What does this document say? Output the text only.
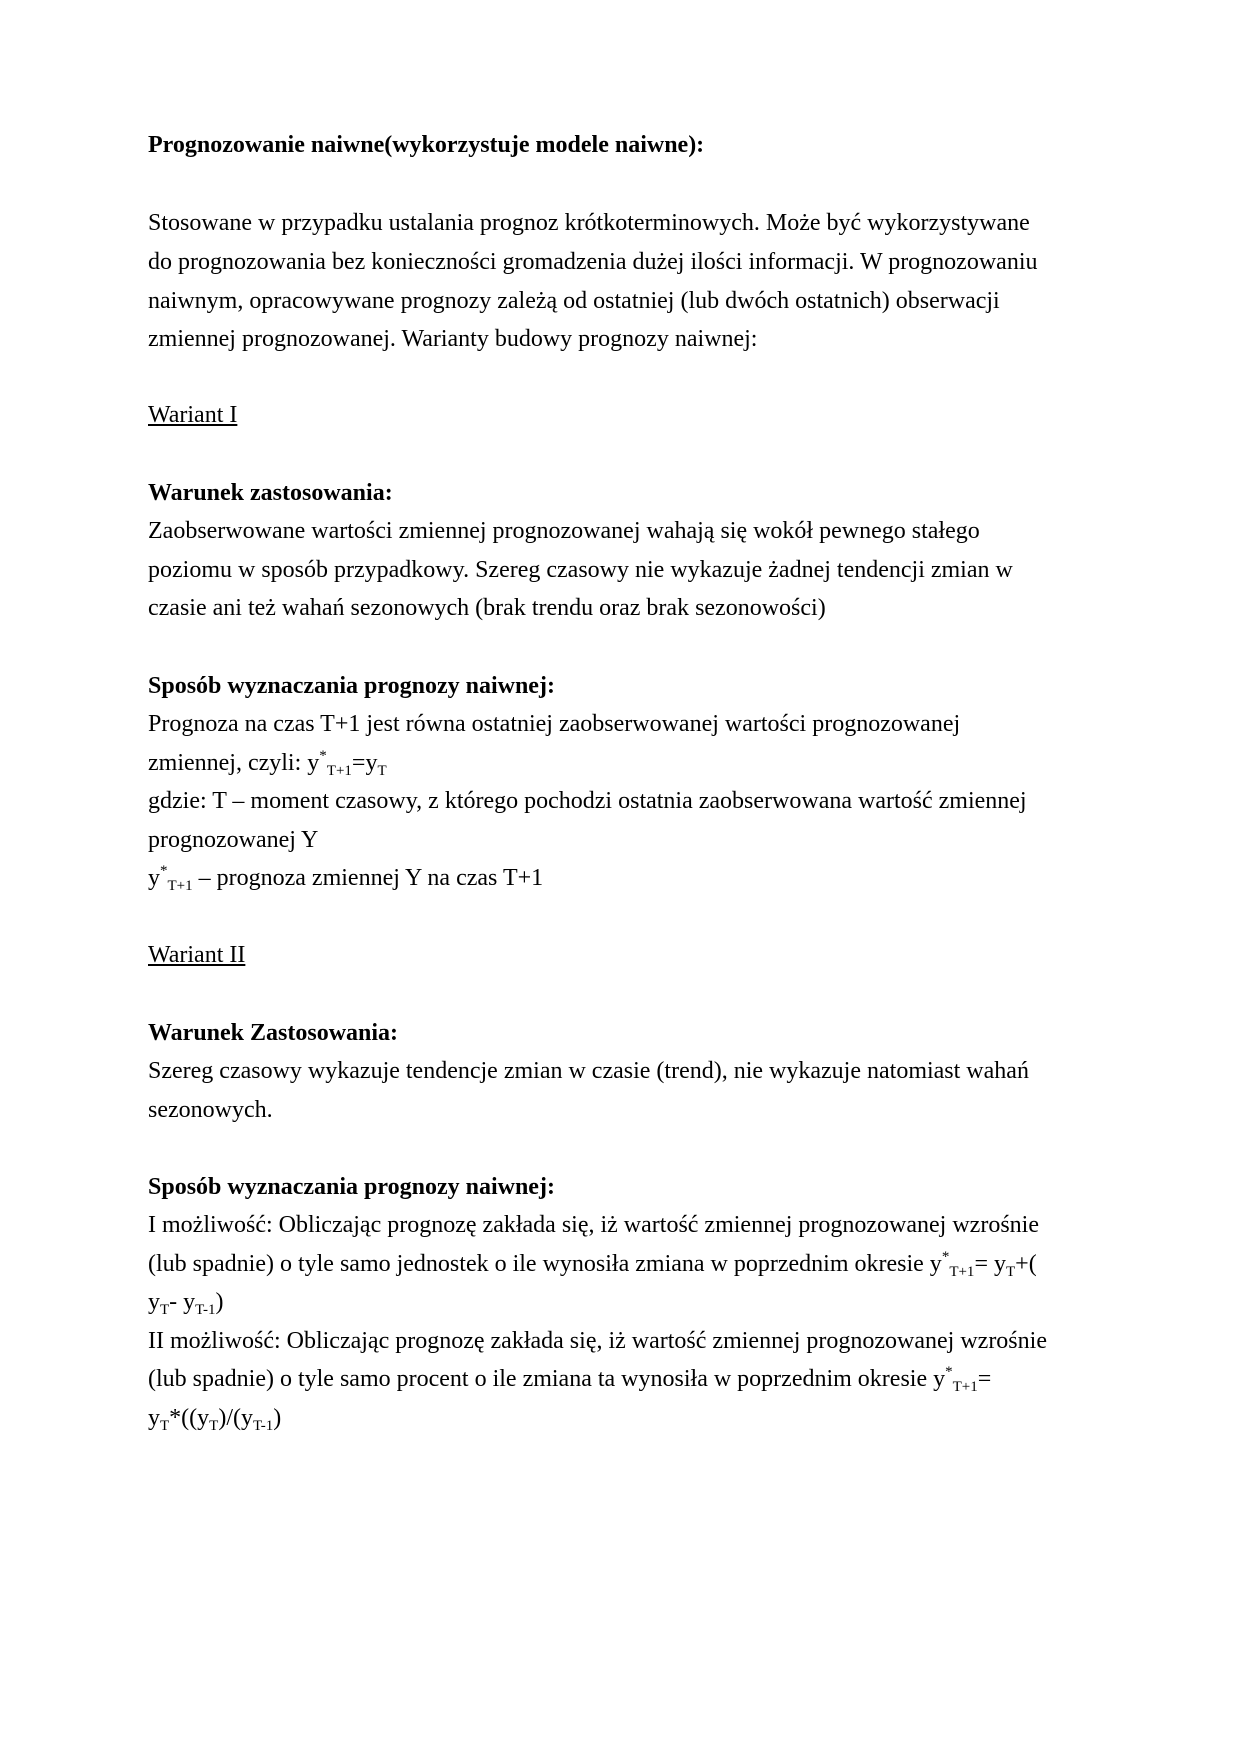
Prognozowanie naiwne(wykorzystuje modele naiwne):
Stosowane w przypadku ustalania prognoz krótkoterminowych. Może być wykorzystywane
do prognozowania bez konieczności gromadzenia dużej ilości informacji. W prognozowaniu
naiwnym, opracowywane prognozy zależą od ostatniej (lub dwóch ostatnich) obserwacji
zmiennej prognozowanej. Warianty budowy prognozy naiwnej:
Wariant I
Warunek zastosowania:
Zaobserwowane wartości zmiennej prognozowanej wahają się wokół pewnego stałego
poziomu w sposób przypadkowy. Szereg czasowy nie wykazuje żadnej tendencji zmian w
czasie ani też wahań sezonowych (brak trendu oraz brak sezonowości)
Sposób wyznaczania prognozy naiwnej:
Prognoza na czas T+1 jest równa ostatniej zaobserwowanej wartości prognozowanej
zmiennej, czyli: $y^*_{T+1}=y_T$
gdzie: T – moment czasowy, z którego pochodzi ostatnia zaobserwowana wartość zmiennej
prognozowanej Y
$y^*_{T+1}$ – prognoza zmiennej Y na czas T+1
Wariant II
Warunek Zastosowania:
Szereg czasowy wykazuje tendencje zmian w czasie (trend), nie wykazuje natomiast wahań
sezonowych.
Sposób wyznaczania prognozy naiwnej:
I możliwość: Obliczając prognozę zakłada się, iż wartość zmiennej prognozowanej wzrośnie
(lub spadnie) o tyle samo jednostek o ile wynosiła zmiana w poprzednim okresie $y^*_{T+1}= y_T+$(
$y_T-$ $y_{T-1}$)
II możliwość: Obliczając prognozę zakłada się, iż wartość zmiennej prognozowanej wzrośnie
(lub spadnie) o tyle samo procent o ile zmiana ta wynosiła w poprzednim okresie $y^*_{T+1}=$
$y_T*((y_T)/(y_{T-1})$
